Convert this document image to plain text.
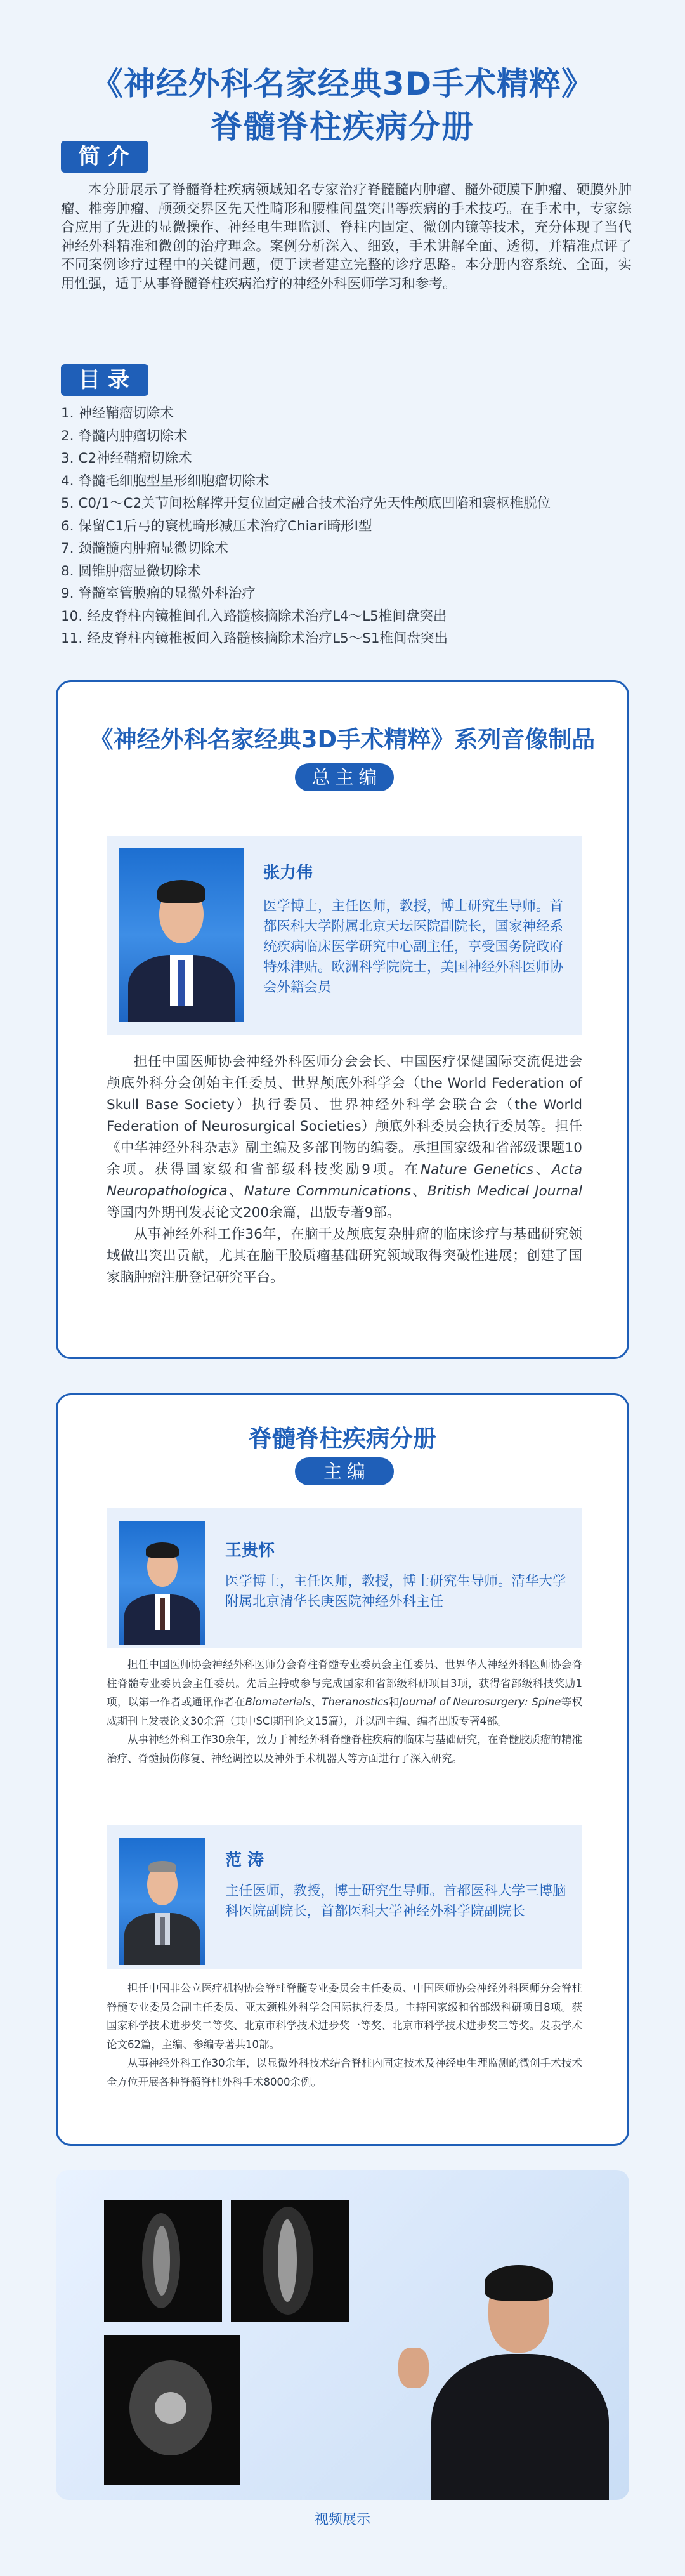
《神经外科名家经典3D手术精粹》
脊髓脊柱疾病分册
简介

本分册展示了脊髓脊柱疾病领域知名专家治疗脊髓髓内肿瘤、髓外硬膜下肿瘤、硬膜外肿瘤、椎旁肿瘤、颅颈交界区先天性畸形和腰椎间盘突出等疾病的手术技巧。在手术中，专家综合应用了先进的显微操作、神经电生理监测、脊柱内固定、微创内镜等技术，充分体现了当代神经外科精准和微创的治疗理念。案例分析深入、细致，手术讲解全面、透彻，并精准点评了不同案例诊疗过程中的关键问题，便于读者建立完整的诊疗思路。本分册内容系统、全面，实用性强，适于从事脊髓脊柱疾病治疗的神经外科医师学习和参考。

目录
1. 神经鞘瘤切除术
2. 脊髓内肿瘤切除术
3. C2神经鞘瘤切除术
4. 脊髓毛细胞型星形细胞瘤切除术
5. C0/1～C2关节间松解撑开复位固定融合技术治疗先天性颅底凹陷和寰枢椎脱位
6. 保留C1后弓的寰枕畸形减压术治疗Chiari畸形Ⅰ型
7. 颈髓髓内肿瘤显微切除术
8. 圆锥肿瘤显微切除术
9. 脊髓室管膜瘤的显微外科治疗
10. 经皮脊柱内镜椎间孔入路髓核摘除术治疗L4～L5椎间盘突出
11. 经皮脊柱内镜椎板间入路髓核摘除术治疗L5～S1椎间盘突出
《神经外科名家经典3D手术精粹》系列音像制品
总主编
张力伟
医学博士，主任医师，教授，博士研究生导师。首都医科大学附属北京天坛医院副院长，国家神经系统疾病临床医学研究中心副主任，享受国务院政府特殊津贴。欧洲科学院院士，美国神经外科医师协会外籍会员

担任中国医师协会神经外科医师分会会长、中国医疗保健国际交流促进会颅底外科分会创始主任委员、世界颅底外科学会（the World Federation of Skull Base Society）执行委员、世界神经外科学会联合会（the World Federation of Neurosurgical Societies）颅底外科委员会执行委员等。担任《中华神经外科杂志》副主编及多部刊物的编委。承担国家级和省部级课题10余项。获得国家级和省部级科技奖励9项。在Nature Genetics、Acta Neuropathologica、Nature Communications、British Medical Journal等国内外期刊发表论文200余篇，出版专著9部。

从事神经外科工作36年，在脑干及颅底复杂肿瘤的临床诊疗与基础研究领域做出突出贡献，尤其在脑干胶质瘤基础研究领域取得突破性进展；创建了国家脑肿瘤注册登记研究平台。

脊髓脊柱疾病分册
主编
王贵怀
医学博士，主任医师，教授，博士研究生导师。清华大学附属北京清华长庚医院神经外科主任

担任中国医师协会神经外科医师分会脊柱脊髓专业委员会主任委员、世界华人神经外科医师协会脊柱脊髓专业委员会主任委员。先后主持或参与完成国家和省部级科研项目3项，获得省部级科技奖励1项，以第一作者或通讯作者在Biomaterials、Theranostics和Journal of Neurosurgery: Spine等权威期刊上发表论文30余篇（其中SCI期刊论文15篇），并以副主编、编者出版专著4部。

从事神经外科工作30余年，致力于神经外科脊髓脊柱疾病的临床与基础研究，在脊髓胶质瘤的精准治疗、脊髓损伤修复、神经调控以及神外手术机器人等方面进行了深入研究。

范 涛
主任医师，教授，博士研究生导师。首都医科大学三博脑科医院副院长，首都医科大学神经外科学院副院长

担任中国非公立医疗机构协会脊柱脊髓专业委员会主任委员、中国医师协会神经外科医师分会脊柱脊髓专业委员会副主任委员、亚太颈椎外科学会国际执行委员。主持国家级和省部级科研项目8项。获国家科学技术进步奖二等奖、北京市科学技术进步奖一等奖、北京市科学技术进步奖三等奖。发表学术论文62篇，主编、参编专著共10部。

从事神经外科工作30余年，以显微外科技术结合脊柱内固定技术及神经电生理监测的微创手术技术全方位开展各种脊髓脊柱外科手术8000余例。

视频展示
